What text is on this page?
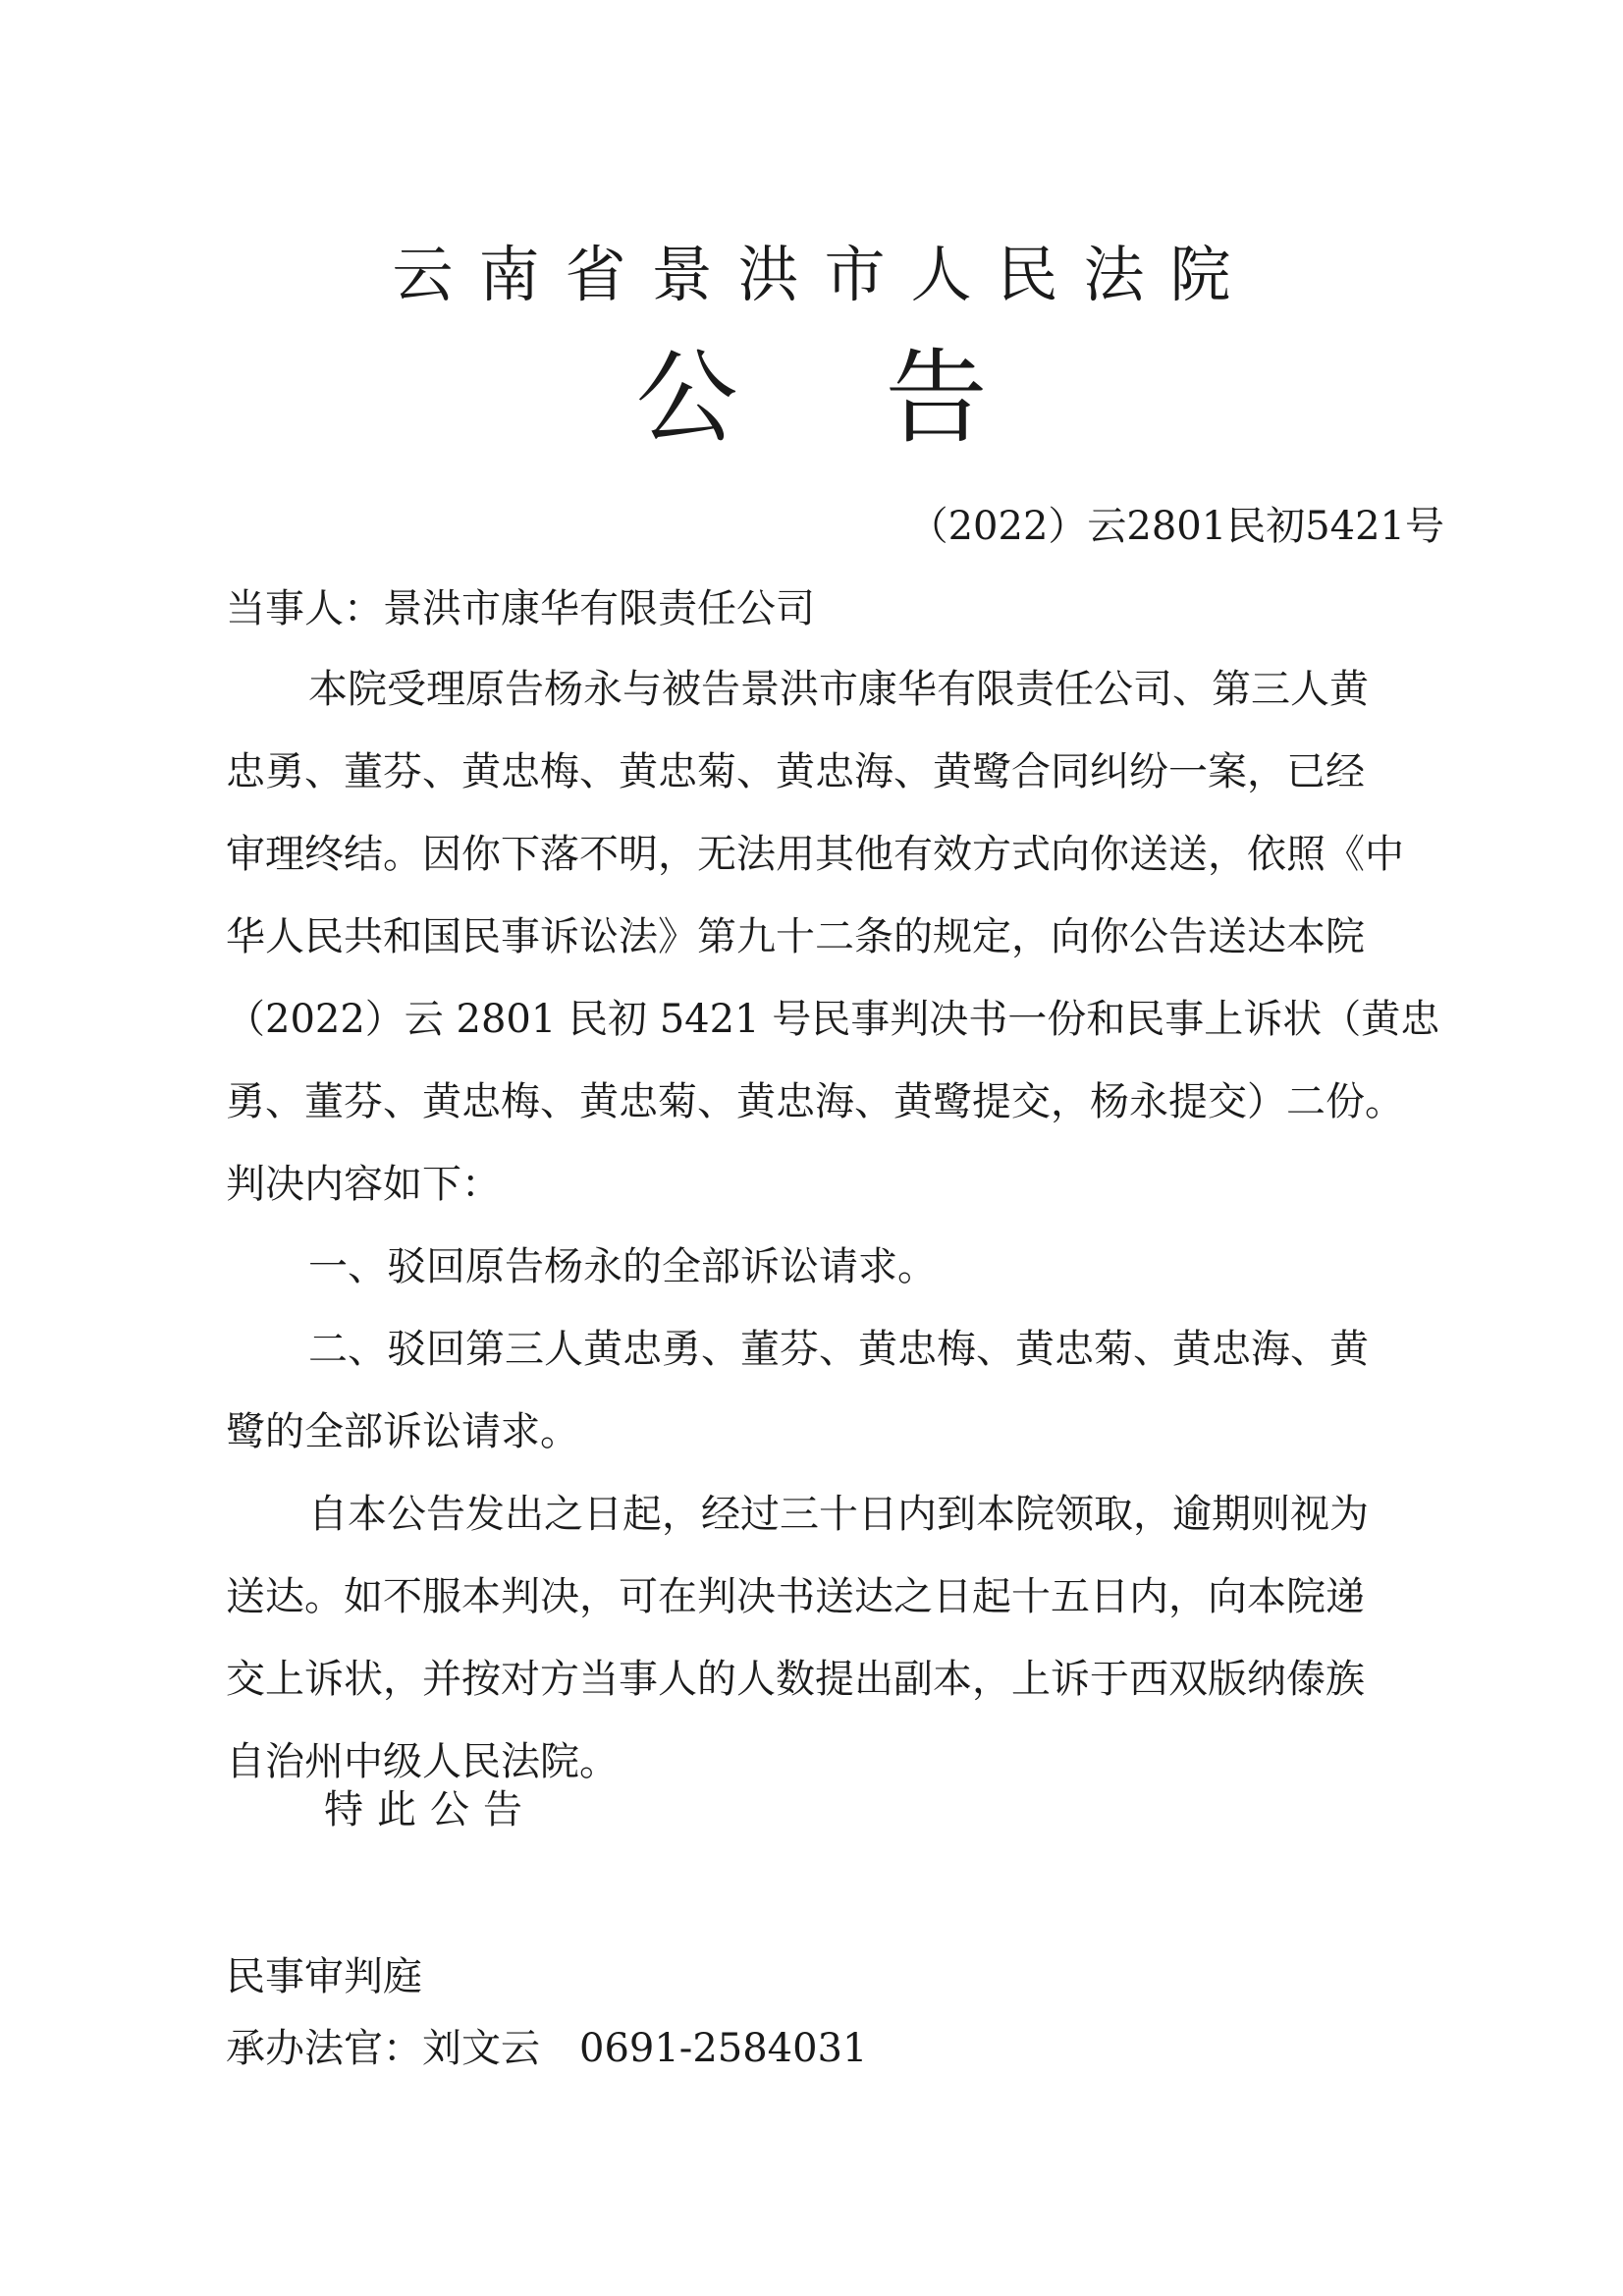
云南省景洪市人民法院
公告
（2022）云2801民初5421号
当事人：景洪市康华有限责任公司
本院受理原告杨永与被告景洪市康华有限责任公司、第三人黄
忠勇、董芬、黄忠梅、黄忠菊、黄忠海、黄鹭合同纠纷一案，已经
审理终结。因你下落不明，无法用其他有效方式向你送送，依照《中
华人民共和国民事诉讼法》第九十二条的规定，向你公告送达本院
（2022）云 2801 民初 5421 号民事判决书一份和民事上诉状（黄忠
勇、董芬、黄忠梅、黄忠菊、黄忠海、黄鹭提交，杨永提交）二份。
判决内容如下：
一、驳回原告杨永的全部诉讼请求。
二、驳回第三人黄忠勇、董芬、黄忠梅、黄忠菊、黄忠海、黄
鹭的全部诉讼请求。
自本公告发出之日起，经过三十日内到本院领取，逾期则视为
送达。如不服本判决，可在判决书送达之日起十五日内，向本院递
交上诉状，并按对方当事人的人数提出副本，上诉于西双版纳傣族
自治州中级人民法院。
特此公告
民事审判庭
承办法官：刘文云 0691-2584031
